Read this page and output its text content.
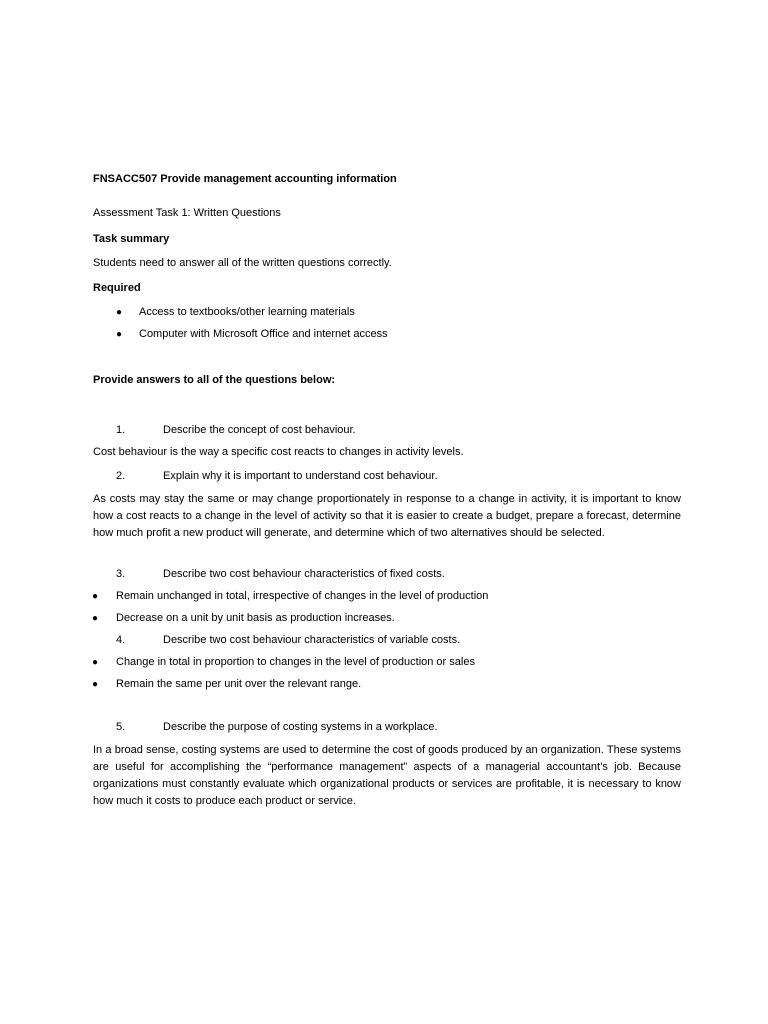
FNSACC507 Provide management accounting information
Assessment Task 1: Written Questions
Task summary
Students need to answer all of the written questions correctly.
Required
● Access to textbooks/other learning materials
● Computer with Microsoft Office and internet access
Provide answers to all of the questions below:
1.	Describe the concept of cost behaviour.
Cost behaviour is the way a specific cost reacts to changes in activity levels.
2.	Explain why it is important to understand cost behaviour.
As costs may stay the same or may change proportionately in response to a change in activity, it is important to know how a cost reacts to a change in the level of activity so that it is easier to create a budget, prepare a forecast, determine how much profit a new product will generate, and determine which of two alternatives should be selected.
3.	Describe two cost behaviour characteristics of fixed costs.
● Remain unchanged in total, irrespective of changes in the level of production
● Decrease on a unit by unit basis as production increases.
4.	Describe two cost behaviour characteristics of variable costs.
● Change in total in proportion to changes in the level of production or sales
● Remain the same per unit over the relevant range.
5.	Describe the purpose of costing systems in a workplace.
In a broad sense, costing systems are used to determine the cost of goods produced by an organization. These systems are useful for accomplishing the “performance management” aspects of a managerial accountant’s job. Because organizations must constantly evaluate which organizational products or services are profitable, it is necessary to know how much it costs to produce each product or service.
